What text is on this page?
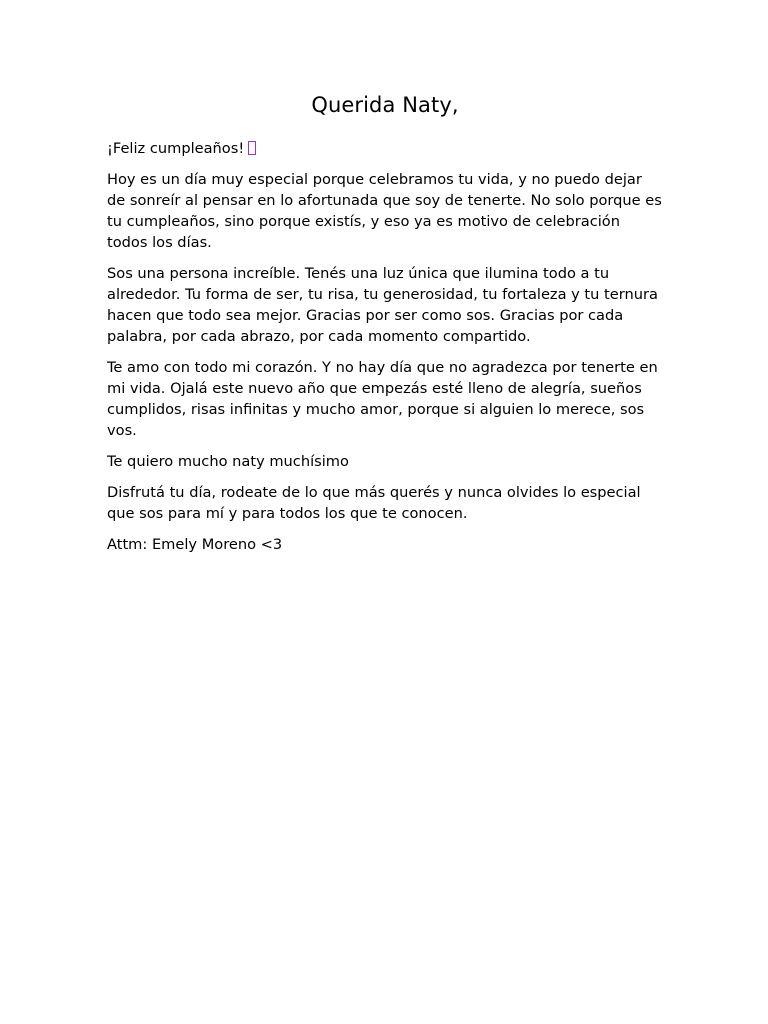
Querida Naty,

¡Feliz cumpleaños!

Hoy es un día muy especial porque celebramos tu vida, y no puedo dejar de sonreír al pensar en lo afortunada que soy de tenerte. No solo porque es tu cumpleaños, sino porque existís, y eso ya es motivo de celebración todos los días.

Sos una persona increíble. Tenés una luz única que ilumina todo a tu alrededor. Tu forma de ser, tu risa, tu generosidad, tu fortaleza y tu ternura hacen que todo sea mejor. Gracias por ser como sos. Gracias por cada palabra, por cada abrazo, por cada momento compartido.

Te amo con todo mi corazón. Y no hay día que no agradezca por tenerte en mi vida. Ojalá este nuevo año que empezás esté lleno de alegría, sueños cumplidos, risas infinitas y mucho amor, porque si alguien lo merece, sos vos.

Te quiero mucho naty muchísimo

Disfrutá tu día, rodeate de lo que más querés y nunca olvides lo especial que sos para mí y para todos los que te conocen.

Attm: Emely Moreno <3
